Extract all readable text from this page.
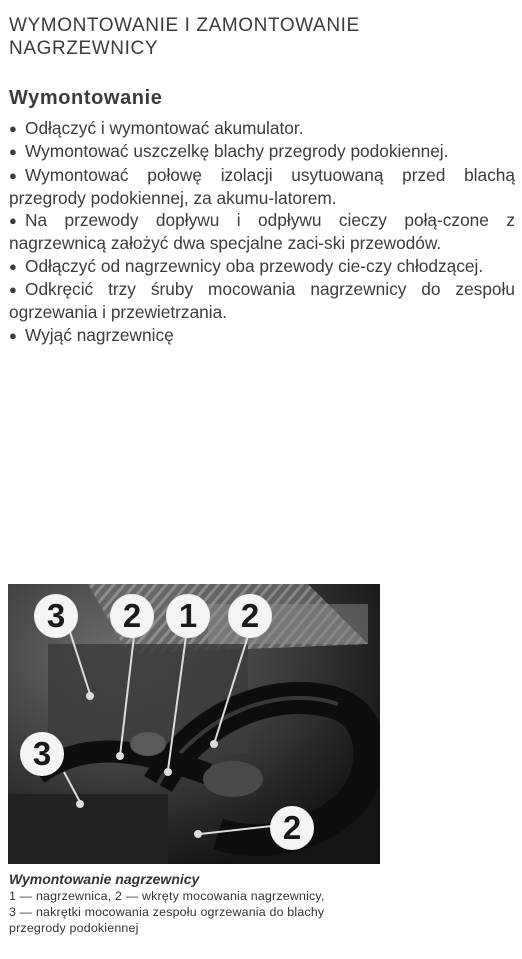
WYMONTOWANIE I ZAMONTOWANIE
NAGRZEWNICY
Wymontowanie
● Odłączyć i wymontować akumulator.
● Wymontować uszczelkę blachy przegrody podokiennej.
● Wymontować połowę izolacji usytuowaną przed blachą przegrody podokiennej, za akumu-latorem.
● Na przewody dopływu i odpływu cieczy połą-czone z nagrzewnicą założyć dwa specjalne zaci-ski przewodów.
● Odłączyć od nagrzewnicy oba przewody cie-czy chłodzącej.
● Odkręcić trzy śruby mocowania nagrzewnicy do zespołu ogrzewania i przewietrzania.
● Wyjąć nagrzewnicę
3	2	1	2
3
2

Wymontowanie nagrzewnicy

1 — nagrzewnica, 2 — wkręty mocowania nagrzewnicy,

3 — nakrętki mocowania zespołu ogrzewania do blachy

przegrody podokiennej
